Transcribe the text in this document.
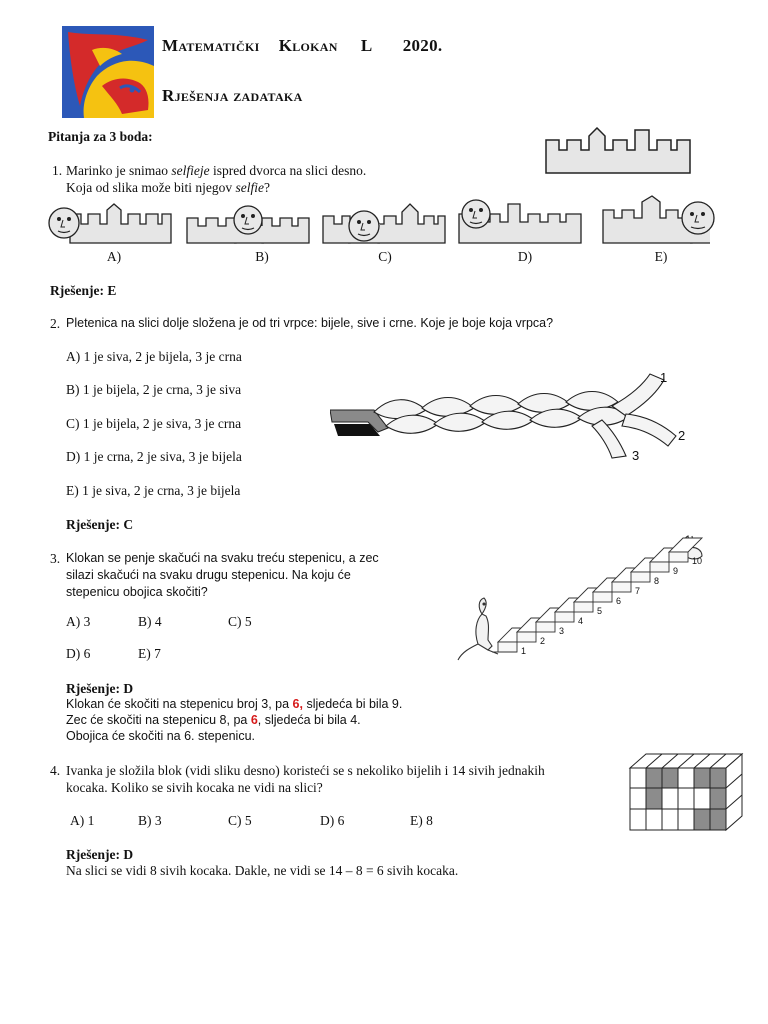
Matematički Klokan L 2020.
Rješenja zadataka
Pitanja za 3 boda:
1. Marinko je snimao selfieje ispred dvorca na slici desno.
Koja od slika može biti njegov selfie?
A)	B)	C)	D)	E)
Rješenje: E
2. Pletenica na slici dolje složena je od tri vrpce: bijele, sive i crne. Koje je boje koja vrpca?
A) 1 je siva, 2 je bijela, 3 je crna
B) 1 je bijela, 2 je crna, 3 je siva
C) 1 je bijela, 2 je siva, 3 je crna
D) 1 je crna, 2 je siva, 3 je bijela
E) 1 je siva, 2 je crna, 3 je bijela
1
2
3
Rješenje: C
3. Klokan se penje skačući na svaku treću stepenicu, a zec
silazi skačući na svaku drugu stepenicu. Na koju će
stepenicu obojica skočiti?
A) 3	B) 4	C) 5
D) 6	E) 7	1
2
3
4
5
6
7
8
9
10
Rješenje: D
Klokan će skočiti na stepenicu broj 3, pa 6, sljedeća bi bila 9.
Zec će skočiti na stepenicu 8, pa 6, sljedeća bi bila 4.
Obojica će skočiti na 6. stepenicu.
4. Ivanka je složila blok (vidi sliku desno) koristeći se s nekoliko bijelih i 14 sivih jednakih
kocaka. Koliko se sivih kocaka ne vidi na slici?
A) 1	B) 3	C) 5	D) 6	E) 8
Rješenje: D
Na slici se vidi 8 sivih kocaka. Dakle, ne vidi se 14 – 8 = 6 sivih kocaka.
